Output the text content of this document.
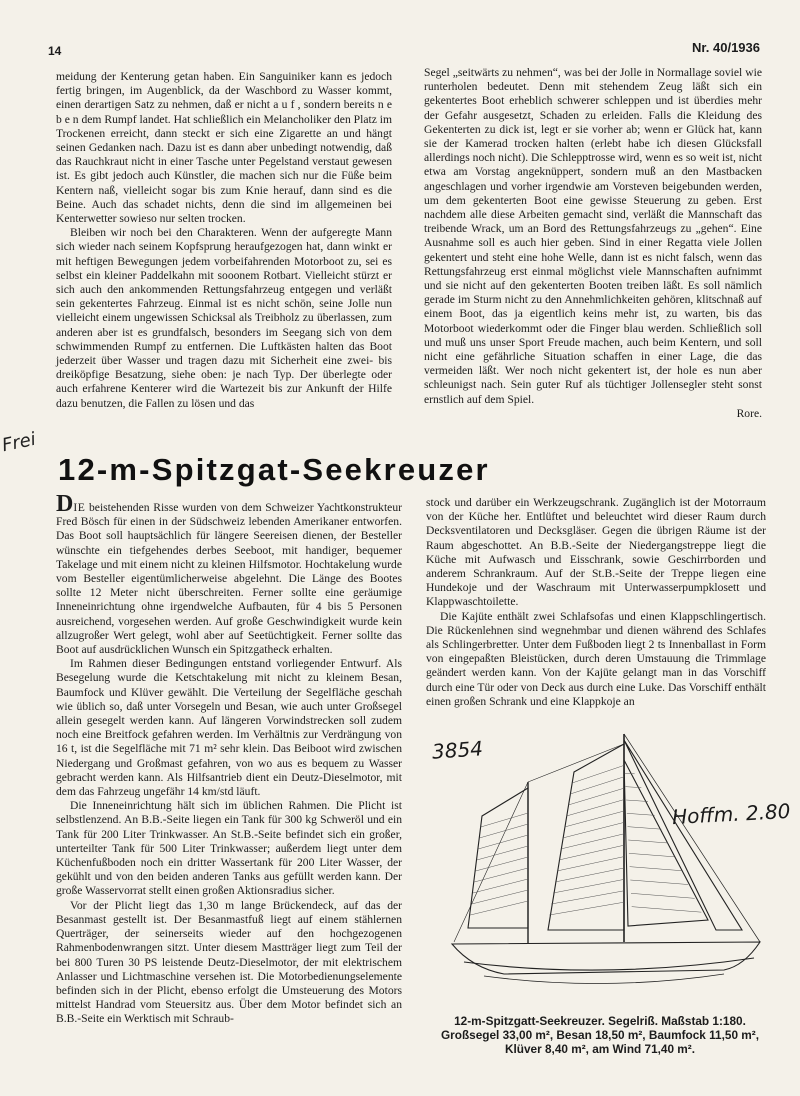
14	Nr. 40/1936

meidung der Kenterung getan haben. Ein Sanguiniker kann es jedoch fertig bringen, im Augenblick, da der Waschbord zu Wasser kommt, einen derartigen Satz zu nehmen, daß er nicht a u f , sondern bereits n e b e n dem Rumpf landet. Hat schließlich ein Melancholiker den Platz im Trockenen erreicht, dann steckt er sich eine Zigarette an und hängt seinen Gedanken nach. Dazu ist es dann aber unbedingt notwendig, daß das Rauchkraut nicht in einer Tasche unter Pegelstand verstaut gewesen ist. Es gibt jedoch auch Künstler, die machen sich nur die Füße beim Kentern naß, vielleicht sogar bis zum Knie herauf, dann sind es die Beine. Auch das schadet nichts, denn die sind im allgemeinen bei Kenterwetter sowieso nur selten trocken.

Bleiben wir noch bei den Charakteren. Wenn der aufgeregte Mann sich wieder nach seinem Kopfsprung heraufgezogen hat, dann winkt er mit heftigen Bewegungen jedem vorbeifahrenden Motorboot zu, sei es selbst ein kleiner Paddelkahn mit sooonem Rotbart. Vielleicht stürzt er sich auch den ankommenden Rettungsfahrzeug entgegen und verläßt sein gekentertes Fahrzeug. Einmal ist es nicht schön, seine Jolle nun vielleicht einem ungewissen Schicksal als Treibholz zu überlassen, zum anderen aber ist es grundfalsch, besonders im Seegang sich von dem schwimmenden Rumpf zu entfernen. Die Luftkästen halten das Boot jederzeit über Wasser und tragen dazu mit Sicherheit eine zwei- bis dreiköpfige Besatzung, siehe oben: je nach Typ. Der überlegte oder auch erfahrene Kenterer wird die Wartezeit bis zur Ankunft der Hilfe dazu benutzen, die Fallen zu lösen und das

Segel „seitwärts zu nehmen“, was bei der Jolle in Normallage soviel wie runterholen bedeutet. Denn mit stehendem Zeug läßt sich ein gekentertes Boot erheblich schwerer schleppen und ist überdies mehr der Gefahr ausgesetzt, Schaden zu erleiden. Falls die Kleidung des Gekenterten zu dick ist, legt er sie vorher ab; wenn er Glück hat, kann sie der Kamerad trocken halten (erlebt habe ich diesen Glücksfall allerdings noch nicht). Die Schlepptrosse wird, wenn es so weit ist, nicht etwa am Vorstag angeknüppert, sondern muß an den Mastbacken angeschlagen und vorher irgendwie am Vorsteven beigebunden werden, um dem gekenterten Boot eine gewisse Steuerung zu geben. Erst nachdem alle diese Arbeiten gemacht sind, verläßt die Mannschaft das treibende Wrack, um an Bord des Rettungsfahrzeugs zu „gehen“. Eine Ausnahme soll es auch hier geben. Sind in einer Regatta viele Jollen gekentert und steht eine hohe Welle, dann ist es nicht falsch, wenn das Rettungsfahrzeug erst einmal möglichst viele Mannschaften aufnimmt und sie nicht auf den gekenterten Booten treiben läßt. Es soll nämlich gerade im Sturm nicht zu den Annehmlichkeiten gehören, klitschnaß auf einem Boot, das ja eigentlich keins mehr ist, zu warten, bis das Motorboot wiederkommt oder die Finger blau werden. Schließlich soll und muß uns unser Sport Freude machen, auch beim Kentern, und soll nicht eine gefährliche Situation schaffen in einer Lage, die das vermeiden läßt. Wer noch nicht gekentert ist, der hole es nun aber schleunigst nach. Sein guter Ruf als tüchtiger Jollensegler steht sonst ernstlich auf dem Spiel.

Rore.
Frei
12-m-Spitzgat-Seekreuzer

DIE beistehenden Risse wurden von dem Schweizer Yachtkonstrukteur Fred Bösch für einen in der Südschweiz lebenden Amerikaner entworfen. Das Boot soll hauptsächlich für längere Seereisen dienen, der Besteller wünschte ein tiefgehendes derbes Seeboot, mit handiger, bequemer Takelage und mit einem nicht zu kleinen Hilfsmotor. Hochtakelung wurde vom Besteller eigentümlicherweise abgelehnt. Die Länge des Bootes sollte 12 Meter nicht überschreiten. Ferner sollte eine geräumige Inneneinrichtung ohne irgendwelche Aufbauten, für 4 bis 5 Personen ausreichend, vorgesehen werden. Auf große Geschwindigkeit wurde kein allzugroßer Wert gelegt, wohl aber auf Seetüchtigkeit. Ferner sollte das Boot auf ausdrücklichen Wunsch ein Spitzgatheck erhalten.

Im Rahmen dieser Bedingungen entstand vorliegender Entwurf. Als Besegelung wurde die Ketschtakelung mit nicht zu kleinem Besan, Baumfock und Klüver gewählt. Die Verteilung der Segelfläche geschah wie üblich so, daß unter Vorsegeln und Besan, wie auch unter Großsegel allein gesegelt werden kann. Auf längeren Vorwindstrecken soll zudem noch eine Breitfock gefahren werden. Im Verhältnis zur Verdrängung von 16 t, ist die Segelfläche mit 71 m² sehr klein. Das Beiboot wird zwischen Niedergang und Großmast gefahren, von wo aus es bequem zu Wasser gebracht werden kann. Als Hilfsantrieb dient ein Deutz-Dieselmotor, mit dem das Fahrzeug ungefähr 14 km/std läuft.

Die Inneneinrichtung hält sich im üblichen Rahmen. Die Plicht ist selbstlenzend. An B.B.-Seite liegen ein Tank für 300 kg Schweröl und ein Tank für 200 Liter Trinkwasser. An St.B.-Seite befindet sich ein großer, unterteilter Tank für 500 Liter Trinkwasser; außerdem liegt unter dem Küchenfußboden noch ein dritter Wassertank für 200 Liter Wasser, der gekühlt und von den beiden anderen Tanks aus gefüllt werden kann. Der große Wasservorrat stellt einen großen Aktionsradius sicher.

Vor der Plicht liegt das 1,30 m lange Brückendeck, auf das der Besanmast gestellt ist. Der Besanmastfuß liegt auf einem stählernen Querträger, der seinerseits wieder auf den hochgezogenen Rahmenbodenwrangen sitzt. Unter diesem Mastträger liegt zum Teil der bei 800 Turen 30 PS leistende Deutz-Dieselmotor, der mit elektrischem Anlasser und Lichtmaschine versehen ist. Die Motorbedienungselemente befinden sich in der Plicht, ebenso erfolgt die Umsteuerung des Motors mittelst Handrad vom Steuersitz aus. Über dem Motor befindet sich an B.B.-Seite ein Werktisch mit Schraub-

stock und darüber ein Werkzeugschrank. Zugänglich ist der Motorraum von der Küche her. Entlüftet und beleuchtet wird dieser Raum durch Decksventilatoren und Decksgläser. Gegen die übrigen Räume ist der Raum abgeschottet. An B.B.-Seite der Niedergangstreppe liegt die Küche mit Aufwasch und Eisschrank, sowie Geschirrborden und anderem Schrankraum. Auf der St.B.-Seite der Treppe liegen eine Hundekoje und der Waschraum mit Unterwasserpumpklosett und Klappwaschtoilette.

Die Kajüte enthält zwei Schlafsofas und einen Klappschlingertisch. Die Rückenlehnen sind wegnehmbar und dienen während des Schlafes als Schlingerbretter. Unter dem Fußboden liegt 2 ts Innenballast in Form von eingepaßten Bleistücken, durch deren Umstauung die Trimmlage geändert werden kann. Von der Kajüte gelangt man in das Vorschiff durch eine Tür oder von Deck aus durch eine Luke. Das Vorschiff enthält einen großen Schrank und eine Klappkoje an

3854
Hoffm. 2.80
12-m-Spitzgatt-Seekreuzer. Segelriß. Maßstab 1:180. Großsegel 33,00 m², Besan 18,50 m², Baumfock 11,50 m², Klüver 8,40 m², am Wind 71,40 m².
